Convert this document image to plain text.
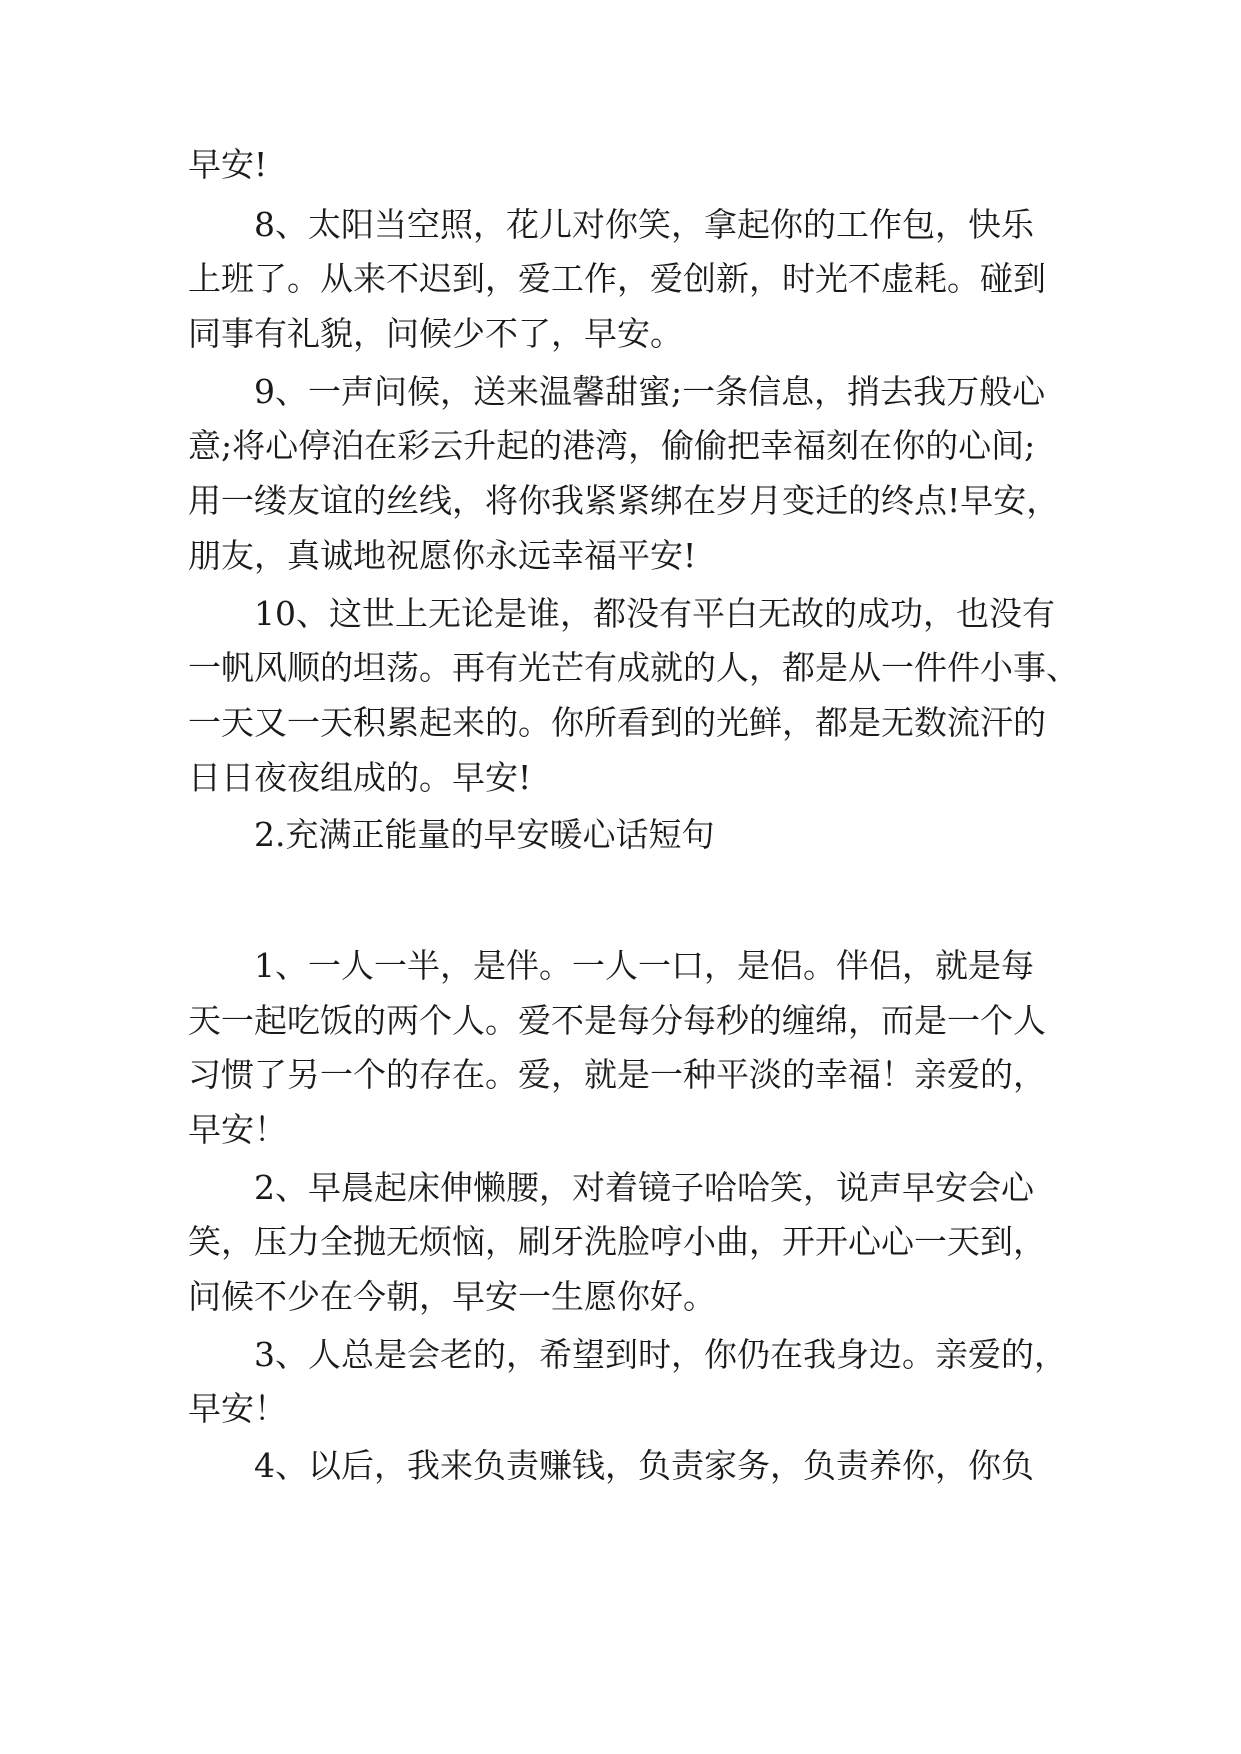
早安!

8、太阳当空照，花儿对你笑，拿起你的工作包，快乐

上班了。从来不迟到，爱工作，爱创新，时光不虚耗。碰到

同事有礼貌，问候少不了，早安。

9、一声问候，送来温馨甜蜜;一条信息，捎去我万般心

意;将心停泊在彩云升起的港湾，偷偷把幸福刻在你的心间;

用一缕友谊的丝线，将你我紧紧绑在岁月变迁的终点!早安，

朋友，真诚地祝愿你永远幸福平安!

10、这世上无论是谁，都没有平白无故的成功，也没有

一帆风顺的坦荡。再有光芒有成就的人，都是从一件件小事、

一天又一天积累起来的。你所看到的光鲜，都是无数流汗的

日日夜夜组成的。早安!

2.充满正能量的早安暖心话短句

1、一人一半，是伴。一人一口，是侣。伴侣，就是每

天一起吃饭的两个人。爱不是每分每秒的缠绵，而是一个人

习惯了另一个的存在。爱，就是一种平淡的幸福！亲爱的，

早安！

2、早晨起床伸懒腰，对着镜子哈哈笑，说声早安会心

笑，压力全抛无烦恼，刷牙洗脸哼小曲，开开心心一天到，

问候不少在今朝，早安一生愿你好。

3、人总是会老的，希望到时，你仍在我身边。亲爱的，

早安！

4、以后，我来负责赚钱，负责家务，负责养你，你负
